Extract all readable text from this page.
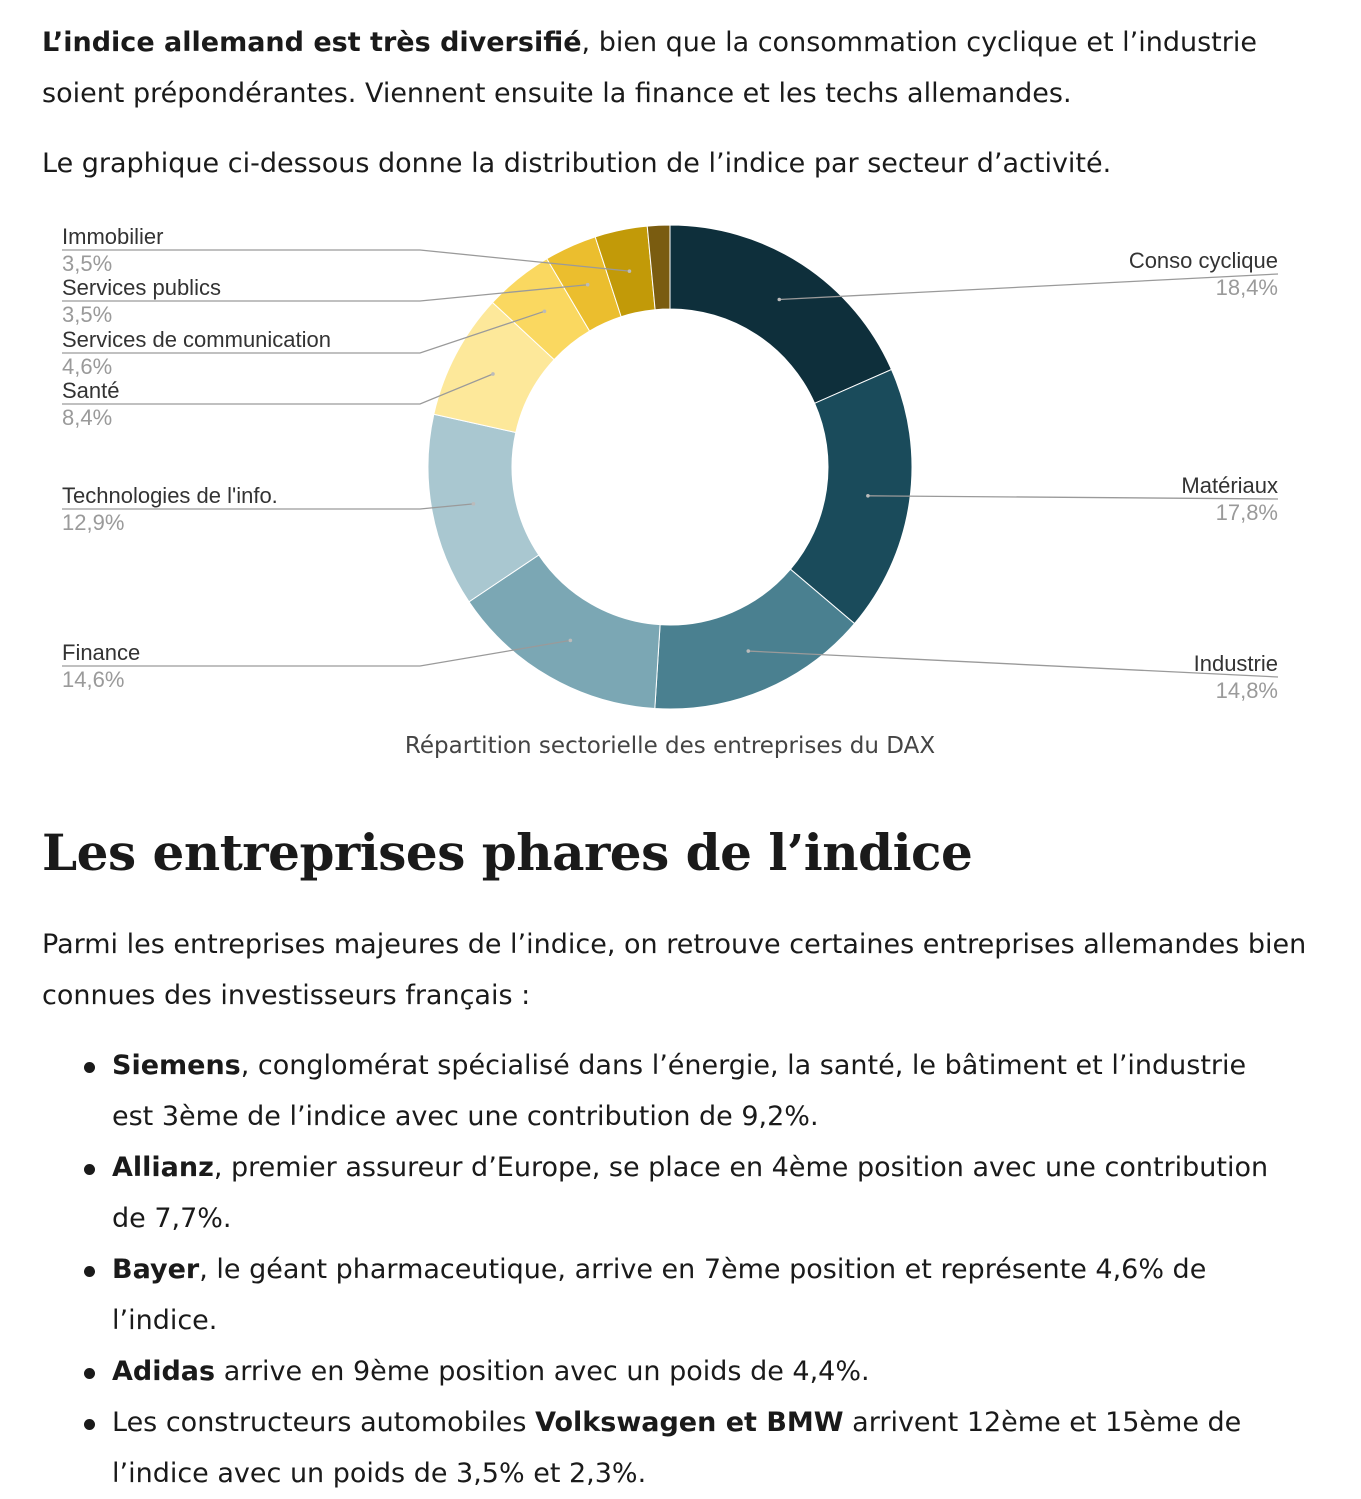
L’indice allemand est très diversifié, bien que la consommation cyclique et l’industrie soient prépondérantes. Viennent ensuite la finance et les techs allemandes.

Le graphique ci-dessous donne la distribution de l’indice par secteur d’activité.

Immobilier
3,5%
Services publics
3,5%
Services de communication
4,6%
Santé
8,4%
Technologies de l'info.
12,9%
Finance
14,6%
Conso cyclique
18,4%
Matériaux
17,8%
Industrie
14,8%
Répartition sectorielle des entreprises du DAX
Les entreprises phares de l’indice

Parmi les entreprises majeures de l’indice, on retrouve certaines entreprises allemandes bien connues des investisseurs français :

Siemens, conglomérat spécialisé dans l’énergie, la santé, le bâtiment et l’industrie est 3ème de l’indice avec une contribution de 9,2%.
Allianz, premier assureur d’Europe, se place en 4ème position avec une contribution de 7,7%.
Bayer, le géant pharmaceutique, arrive en 7ème position et représente 4,6% de l’indice.
Adidas arrive en 9ème position avec un poids de 4,4%.
Les constructeurs automobiles Volkswagen et BMW arrivent 12ème et 15ème de l’indice avec un poids de 3,5% et 2,3%.
